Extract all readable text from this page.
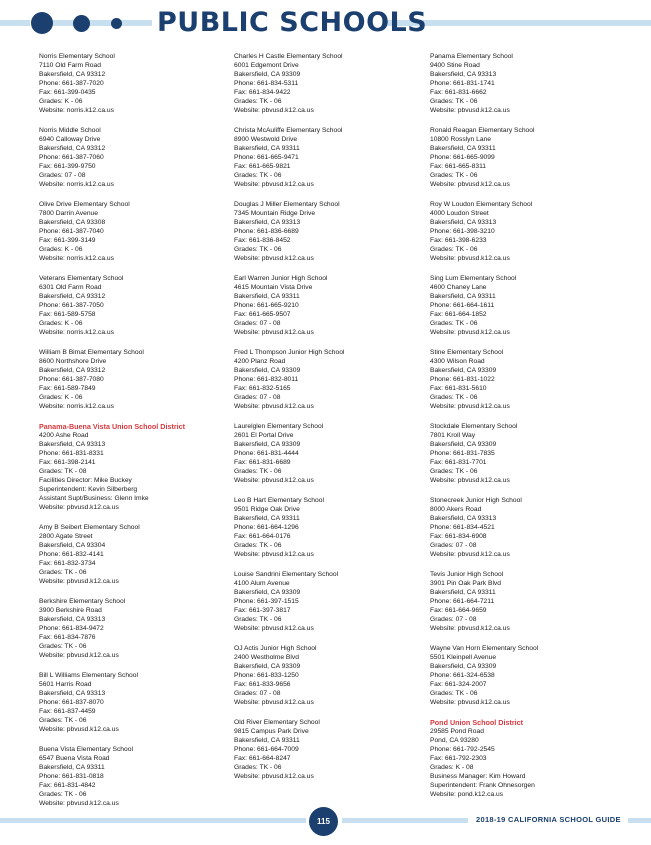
PUBLIC SCHOOLS
Norris Elementary School
7110 Old Farm Road
Bakersfield, CA 93312
Phone: 661-387-7020
Fax: 661-399-0435
Grades: K - 06
Website: norris.k12.ca.us
Norris Middle School
6940 Calloway Drive
Bakersfield, CA 93312
Phone: 661-387-7060
Fax: 661-399-9750
Grades: 07 - 08
Website: norris.k12.ca.us
Olive Drive Elementary School
7800 Darrin Avenue
Bakersfield, CA 93308
Phone: 661-387-7040
Fax: 661-399-3149
Grades: K - 06
Website: norris.k12.ca.us
Veterans Elementary School
6301 Old Farm Road
Bakersfield, CA 93312
Phone: 661-387-7050
Fax: 661-589-5758
Grades: K - 06
Website: norris.k12.ca.us
William B Bimat Elementary School
8600 Northshore Drive
Bakersfield, CA 93312
Phone: 661-387-7080
Fax: 661-589-7849
Grades: K - 06
Website: norris.k12.ca.us
Panama-Buena Vista Union School District
4200 Ashe Road
Bakersfield, CA 93313
Phone: 661-831-8331
Fax: 661-398-2141
Grades: TK - 08
Facilities Director: Mike Buckey
Superintendent: Kevin Silberberg
Assistant Supt/Business: Glenn Imke
Website: pbvusd.k12.ca.us
Amy B Seibert Elementary School
2800 Agate Street
Bakersfield, CA 93304
Phone: 661-832-4141
Fax: 661-832-3734
Grades: TK - 06
Website: pbvusd.k12.ca.us
Berkshire Elementary School
3900 Berkshire Road
Bakersfield, CA 93313
Phone: 661-834-9472
Fax: 661-834-7876
Grades: TK - 06
Website: pbvusd.k12.ca.us
Bill L Williams Elementary School
5601 Harris Road
Bakersfield, CA 93313
Phone: 661-837-8070
Fax: 661-837-4459
Grades: TK - 06
Website: pbvusd.k12.ca.us
Buena Vista Elementary School
6547 Buena Vista Road
Bakersfield, CA 93311
Phone: 661-831-0818
Fax: 661-831-4842
Grades: TK - 06
Website: pbvusd.k12.ca.us
Charles H Castle Elementary School
6001 Edgemont Drive
Bakersfield, CA 93309
Phone: 661-834-5311
Fax: 661-834-9422
Grades: TK - 06
Website: pbvusd.k12.ca.us
Christa McAuliffe Elementary School
8900 Westwold Drive
Bakersfield, CA 93311
Phone: 661-665-9471
Fax: 661-665-9821
Grades: TK - 06
Website: pbvusd.k12.ca.us
Douglas J Miller Elementary School
7345 Mountain Ridge Drive
Bakersfield, CA 93313
Phone: 661-836-6689
Fax: 661-836-8452
Grades: TK - 06
Website: pbvusd.k12.ca.us
Earl Warren Junior High School
4615 Mountain Vista Drive
Bakersfield, CA 93311
Phone: 661-665-9210
Fax: 661-665-9507
Grades: 07 - 08
Website: pbvusd.k12.ca.us
Fred L Thompson Junior High School
4200 Planz Road
Bakersfield, CA 93309
Phone: 661-832-8011
Fax: 661-832-5165
Grades: 07 - 08
Website: pbvusd.k12.ca.us
Laurelglen Elementary School
2601 El Portal Drive
Bakersfield, CA 93309
Phone: 661-831-4444
Fax: 661-831-6689
Grades: TK - 06
Website: pbvusd.k12.ca.us
Leo B Hart Elementary School
9501 Ridge Oak Drive
Bakersfield, CA 93311
Phone: 661-664-1296
Fax: 661-664-0176
Grades: TK - 06
Website: pbvusd.k12.ca.us
Louise Sandrini Elementary School
4100 Alum Avenue
Bakersfield, CA 93309
Phone: 661-397-1515
Fax: 661-397-3817
Grades: TK - 06
Website: pbvusd.k12.ca.us
OJ Actis Junior High School
2400 Westholme Blvd
Bakersfield, CA 93309
Phone: 661-833-1250
Fax: 661-833-9656
Grades: 07 - 08
Website: pbvusd.k12.ca.us
Old River Elementary School
9815 Campus Park Drive
Bakersfield, CA 93311
Phone: 661-664-7009
Fax: 661-664-8247
Grades: TK - 06
Website: pbvusd.k12.ca.us
Panama Elementary School
9400 Stine Road
Bakersfield, CA 93313
Phone: 661-831-1741
Fax: 661-831-6662
Grades: TK - 06
Website: pbvusd.k12.ca.us
Ronald Reagan Elementary School
10800 Rosslyn Lane
Bakersfield, CA 93311
Phone: 661-665-9099
Fax: 661-665-8311
Grades: TK - 06
Website: pbvusd.k12.ca.us
Roy W Loudon Elementary School
4000 Loudon Street
Bakersfield, CA 93313
Phone: 661-398-3210
Fax: 661-398-6233
Grades: TK - 06
Website: pbvusd.k12.ca.us
Sing Lum Elementary School
4600 Chaney Lane
Bakersfield, CA 93311
Phone: 661-664-1611
Fax: 661-664-1852
Grades: TK - 06
Website: pbvusd.k12.ca.us
Stine Elementary School
4300 Wilson Road
Bakersfield, CA 93309
Phone: 661-831-1022
Fax: 661-831-5610
Grades: TK - 06
Website: pbvusd.k12.ca.us
Stockdale Elementary School
7801 Kroll Way
Bakersfield, CA 93309
Phone: 661-831-7835
Fax: 661-831-7701
Grades: TK - 06
Website: pbvusd.k12.ca.us
Stonecreek Junior High School
8000 Akers Road
Bakersfield, CA 93313
Phone: 661-834-4521
Fax: 661-834-6908
Grades: 07 - 08
Website: pbvusd.k12.ca.us
Tevis Junior High School
3901 Pin Oak Park Blvd
Bakersfield, CA 93311
Phone: 661-664-7211
Fax: 661-664-9659
Grades: 07 - 08
Website: pbvusd.k12.ca.us
Wayne Van Horn Elementary School
5501 Kleinpell Avenue
Bakersfield, CA 93309
Phone: 661-324-6538
Fax: 661-324-2007
Grades: TK - 06
Website: pbvusd.k12.ca.us
Pond Union School District
29585 Pond Road
Pond, CA 93280
Phone: 661-792-2545
Fax: 661-792-2303
Grades: K - 08
Business Manager: Kim Howard
Superintendent: Frank Ohnesorgen
Website: pond.k12.ca.us
115	2018-19 CALIFORNIA SCHOOL GUIDE
